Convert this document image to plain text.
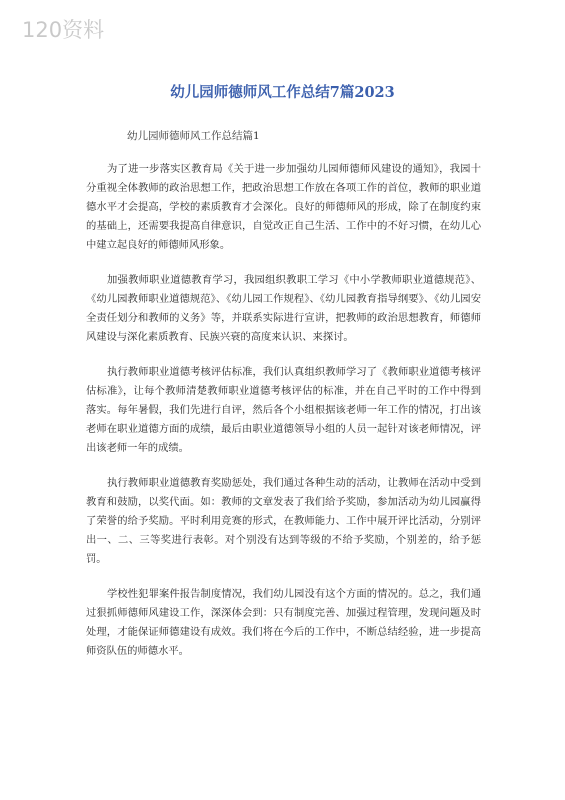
120资料
幼儿园师德师风工作总结7篇2023
幼儿园师德师风工作总结篇1

为了进一步落实区教育局《关于进一步加强幼儿园师德师风建设的通知》，我园十分重视全体教师的政治思想工作，把政治思想工作放在各项工作的首位，教师的职业道德水平才会提高，学校的素质教育才会深化。良好的师德师风的形成，除了在制度约束的基础上，还需要我提高自律意识，自觉改正自己生活、工作中的不好习惯，在幼儿心中建立起良好的师德师风形象。

加强教师职业道德教育学习，我园组织教职工学习《中小学教师职业道德规范》、《幼儿园教师职业道德规范》、《幼儿园工作规程》、《幼儿园教育指导纲要》、《幼儿园安全责任划分和教师的义务》等，并联系实际进行宣讲，把教师的政治思想教育，师德师风建设与深化素质教育、民族兴衰的高度来认识、来探讨。

执行教师职业道德考核评估标准，我们认真组织教师学习了《教师职业道德考核评估标准》，让每个教师清楚教师职业道德考核评估的标准，并在自己平时的工作中得到落实。每年暑假，我们先进行自评，然后各个小组根据该老师一年工作的情况，打出该老师在职业道德方面的成绩，最后由职业道德领导小组的人员一起针对该老师情况，评出该老师一年的成绩。

执行教师职业道德教育奖励惩处，我们通过各种生动的活动，让教师在活动中受到教育和鼓励，以奖代面。如：教师的文章发表了我们给予奖励，参加活动为幼儿园赢得了荣誉的给予奖励。平时利用竞赛的形式，在教师能力、工作中展开评比活动，分别评出一、二、三等奖进行表彰。对个别没有达到等级的不给予奖励，个别差的，给予惩罚。

学校性犯罪案件报告制度情况，我们幼儿园没有这个方面的情况的。总之，我们通过狠抓师德师风建设工作，深深体会到：只有制度完善、加强过程管理，发现问题及时处理，才能保证师德建设有成效。我们将在今后的工作中，不断总结经验，进一步提高师资队伍的师德水平。
